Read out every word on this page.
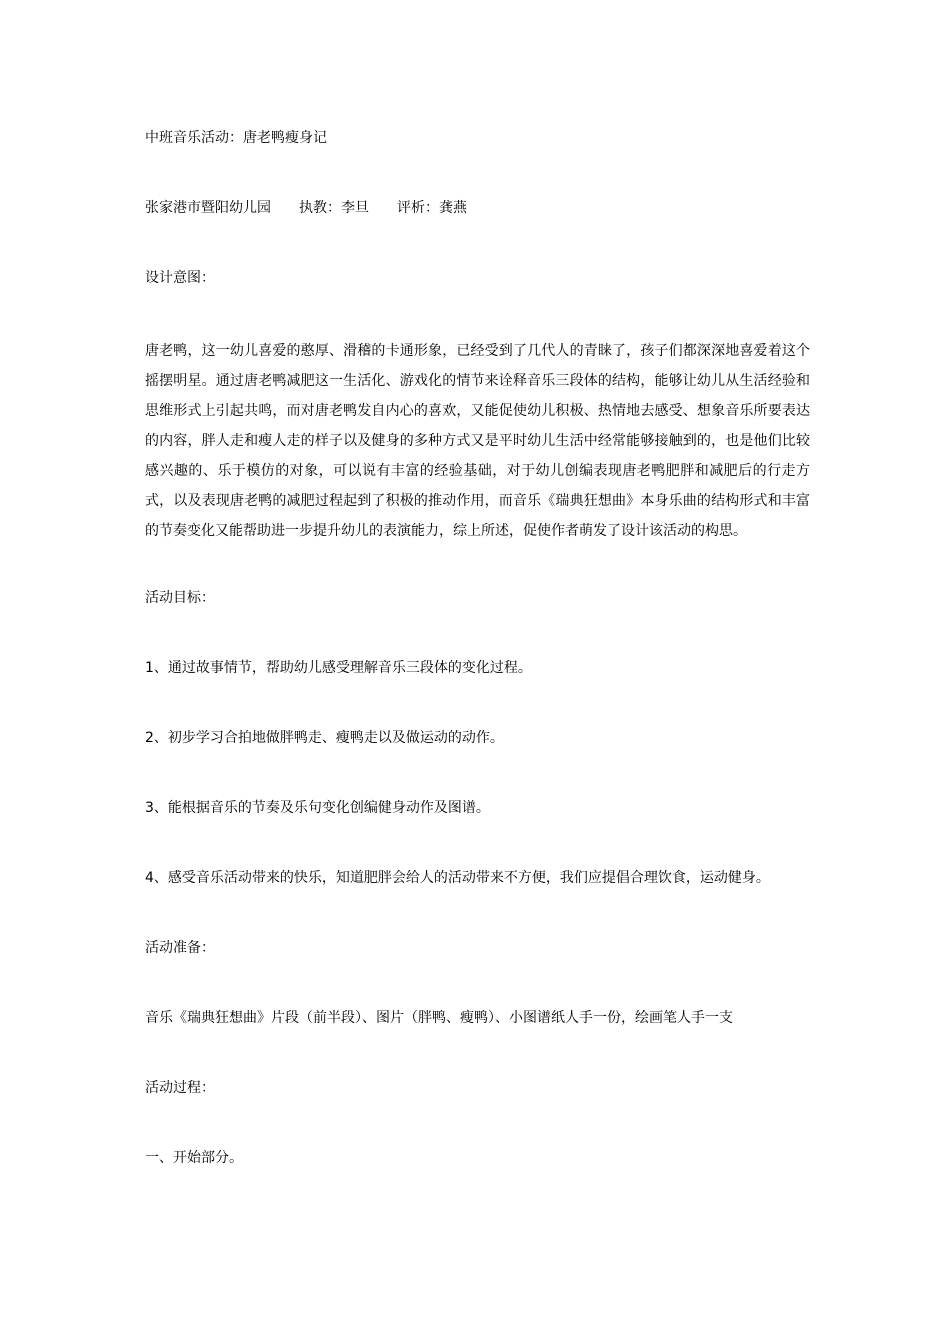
中班音乐活动：唐老鸭瘦身记

张家港市暨阳幼儿园 执教：李旦 评析：龚燕

设计意图：

唐老鸭，这一幼儿喜爱的憨厚、滑稽的卡通形象，已经受到了几代人的青睐了，孩子们都深深地喜爱着这个摇摆明星。通过唐老鸭减肥这一生活化、游戏化的情节来诠释音乐三段体的结构，能够让幼儿从生活经验和思维形式上引起共鸣，而对唐老鸭发自内心的喜欢，又能促使幼儿积极、热情地去感受、想象音乐所要表达的内容，胖人走和瘦人走的样子以及健身的多种方式又是平时幼儿生活中经常能够接触到的，也是他们比较感兴趣的、乐于模仿的对象，可以说有丰富的经验基础，对于幼儿创编表现唐老鸭肥胖和减肥后的行走方式，以及表现唐老鸭的减肥过程起到了积极的推动作用，而音乐《瑞典狂想曲》本身乐曲的结构形式和丰富的节奏变化又能帮助进一步提升幼儿的表演能力，综上所述，促使作者萌发了设计该活动的构思。

活动目标：

1、通过故事情节，帮助幼儿感受理解音乐三段体的变化过程。

2、初步学习合拍地做胖鸭走、瘦鸭走以及做运动的动作。

3、能根据音乐的节奏及乐句变化创编健身动作及图谱。

4、感受音乐活动带来的快乐，知道肥胖会给人的活动带来不方便，我们应提倡合理饮食，运动健身。

活动准备：

音乐《瑞典狂想曲》片段（前半段）、图片（胖鸭、瘦鸭）、小图谱纸人手一份，绘画笔人手一支

活动过程：

一、开始部分。
